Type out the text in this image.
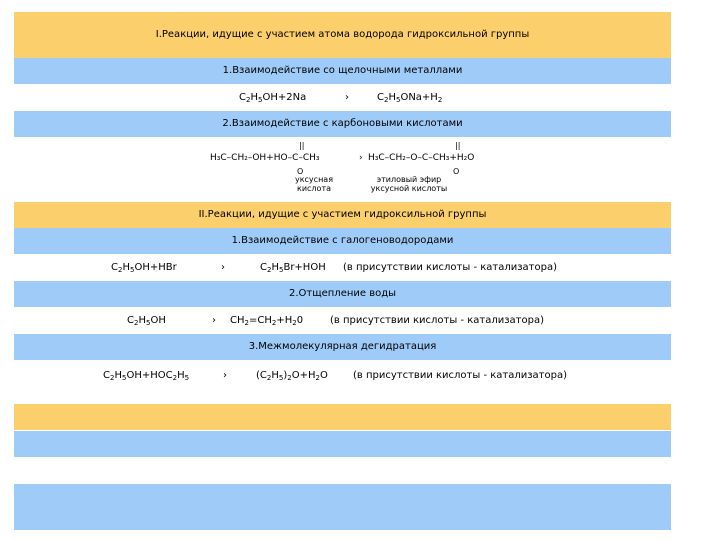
I.Реакции, идущие с участием атома водорода гидроксильной группы
1.Взаимодействие со щелочными металлами
$C_2H_5OH+2Na$	›	$C_2H_5ONa+H_2$
2.Взаимодействие с карбоновыми кислотами
H₃C–CH₂–OH+HO–C–CH₃
||
O
› H₃C–CH₂–O–C–CH₃+H₂O
||
O
уксусная кислота
этиловый эфир уксусной кислоты
II.Реакции, идущие с участием гидроксильной группы
1.Взаимодействие с галогеноводородами
$C_2H_5OH+HBr$	›	$C_2H_5Br+HOH$ (в присутствии кислоты - катализатора)
2.Отщепление воды
$C_2H_5OH$	› $CH_2=CH_2+H_20$	(в присутствии кислоты - катализатора)
3.Межмолекулярная дегидратация
$C_2H_5OH+HOC_2H_5$	›	$(C_2H_5)_2O+H_2O$	(в присутствии кислоты - катализатора)
